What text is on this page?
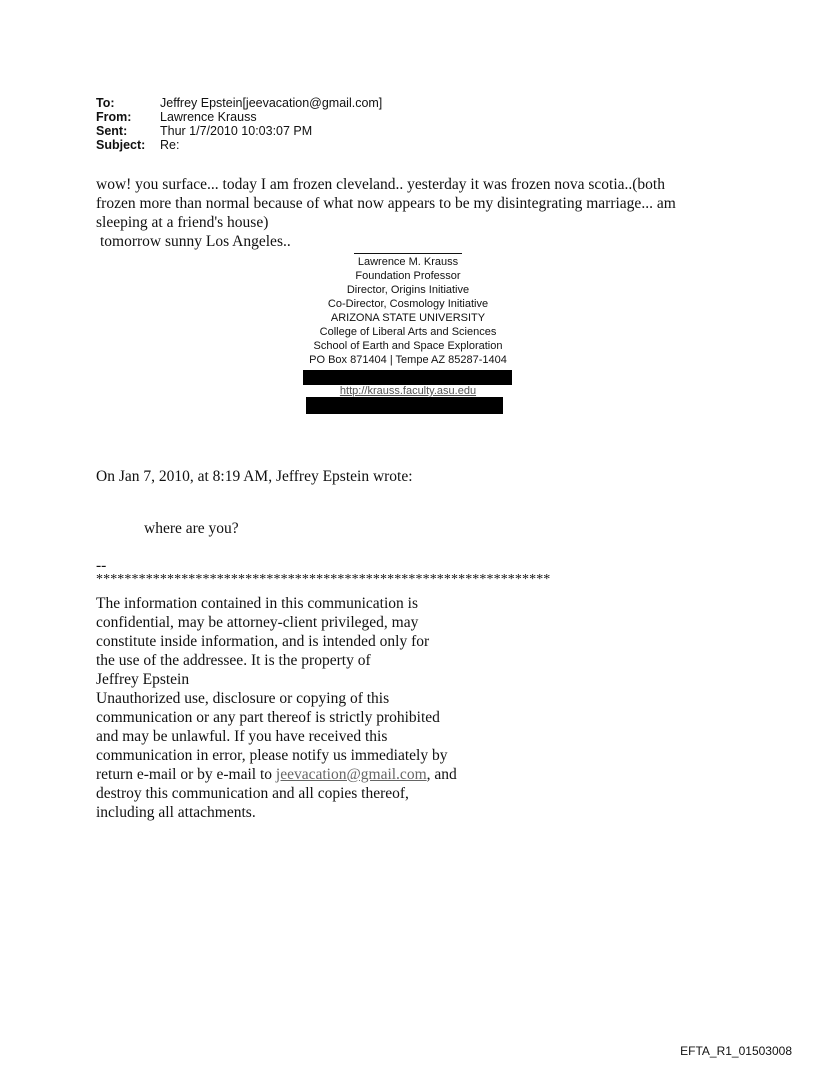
To:	Jeffrey Epstein[jeevacation@gmail.com]
From:	Lawrence Krauss
Sent:	Thur 1/7/2010 10:03:07 PM
Subject:	Re:

wow! you surface... today I am frozen cleveland.. yesterday it was frozen nova scotia..(both

frozen more than normal because of what now appears to be my disintegrating marriage... am

sleeping at a friend's house)

tomorrow sunny Los Angeles..

Lawrence M. Krauss
Foundation Professor
Director, Origins Initiative
Co-Director, Cosmology Initiative
ARIZONA STATE UNIVERSITY
College of Liberal Arts and Sciences
School of Earth and Space Exploration
PO Box 871404 | Tempe AZ 85287-1404
http://krauss.faculty.asu.edu
On Jan 7, 2010, at 8:19 AM, Jeffrey Epstein wrote:
where are you?
--
****************************************************************
The information contained in this communication is
confidential, may be attorney-client privileged, may
constitute inside information, and is intended only for
the use of the addressee. It is the property of
Jeffrey Epstein
Unauthorized use, disclosure or copying of this
communication or any part thereof is strictly prohibited
and may be unlawful. If you have received this
communication in error, please notify us immediately by
return e-mail or by e-mail to jeevacation@gmail.com, and
destroy this communication and all copies thereof,
including all attachments.
EFTA_R1_01503008
